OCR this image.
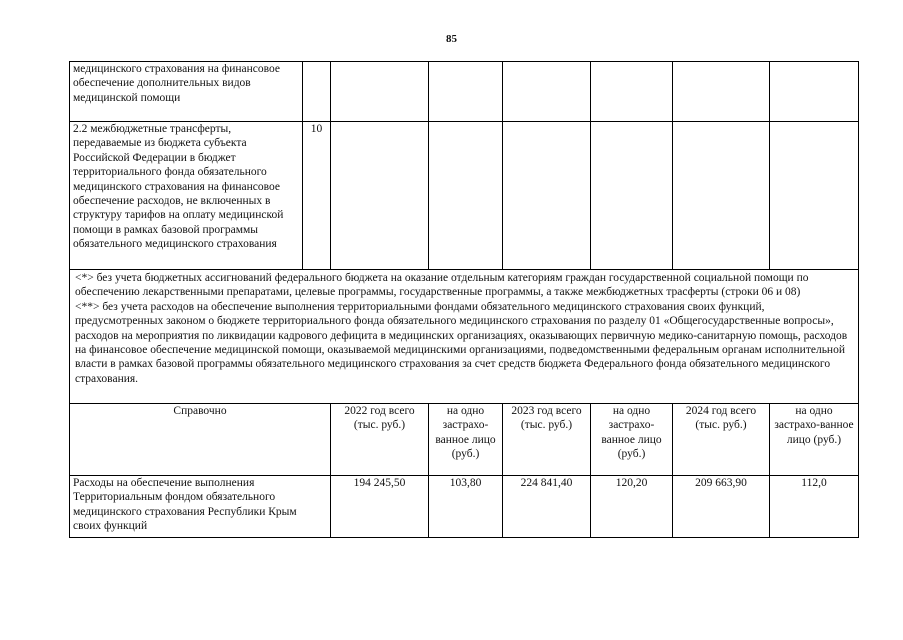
85
медицинского страхования на финансовое обеспечение дополнительных видов медицинской помощи							
2.2 межбюджетные трансферты, передаваемые из бюджета субъекта Российской Федерации в бюджет территориального фонда обязательного медицинского страхования на финансовое обеспечение расходов, не включенных в структуру тарифов на оплату медицинской помощи в рамках базовой программы обязательного медицинского страхования	10						

<*> без учета бюджетных ассигнований федерального бюджета на оказание отдельным категориям граждан государственной социальной помощи по обеспечению лекарственными препаратами, целевые программы, государственные программы, а также межбюджетных трасферты (строки 06 и 08)
<**> без учета расходов на обеспечение выполнения территориальными фондами обязательного медицинского страхования своих функций, предусмотренных законом о бюджете территориального фонда обязательного медицинского страхования по разделу 01 «Общегосударственные вопросы», расходов на мероприятия по ликвидации кадрового дефицита в медицинских организациях, оказывающих первичную медико-санитарную помощь, расходов на финансовое обеспечение медицинской помощи, оказываемой медицинскими организациями, подведомственными федеральным органам исполнительной власти в рамках базовой программы обязательного медицинского страхования за счет средств бюджета Федерального фонда обязательного медицинского страхования.							

Справочно		2022 год всего (тыс. руб.)	на одно застрахо-ванное лицо (руб.)	2023 год всего (тыс. руб.)	на одно застрахо-ванное лицо (руб.)	2024 год всего (тыс. руб.)	на одно застрахо-ванное лицо (руб.)
Расходы на обеспечение выполнения Территориальным фондом обязательного медицинского страхования Республики Крым своих функций		194 245,50	103,80	224 841,40	120,20	209 663,90	112,0
